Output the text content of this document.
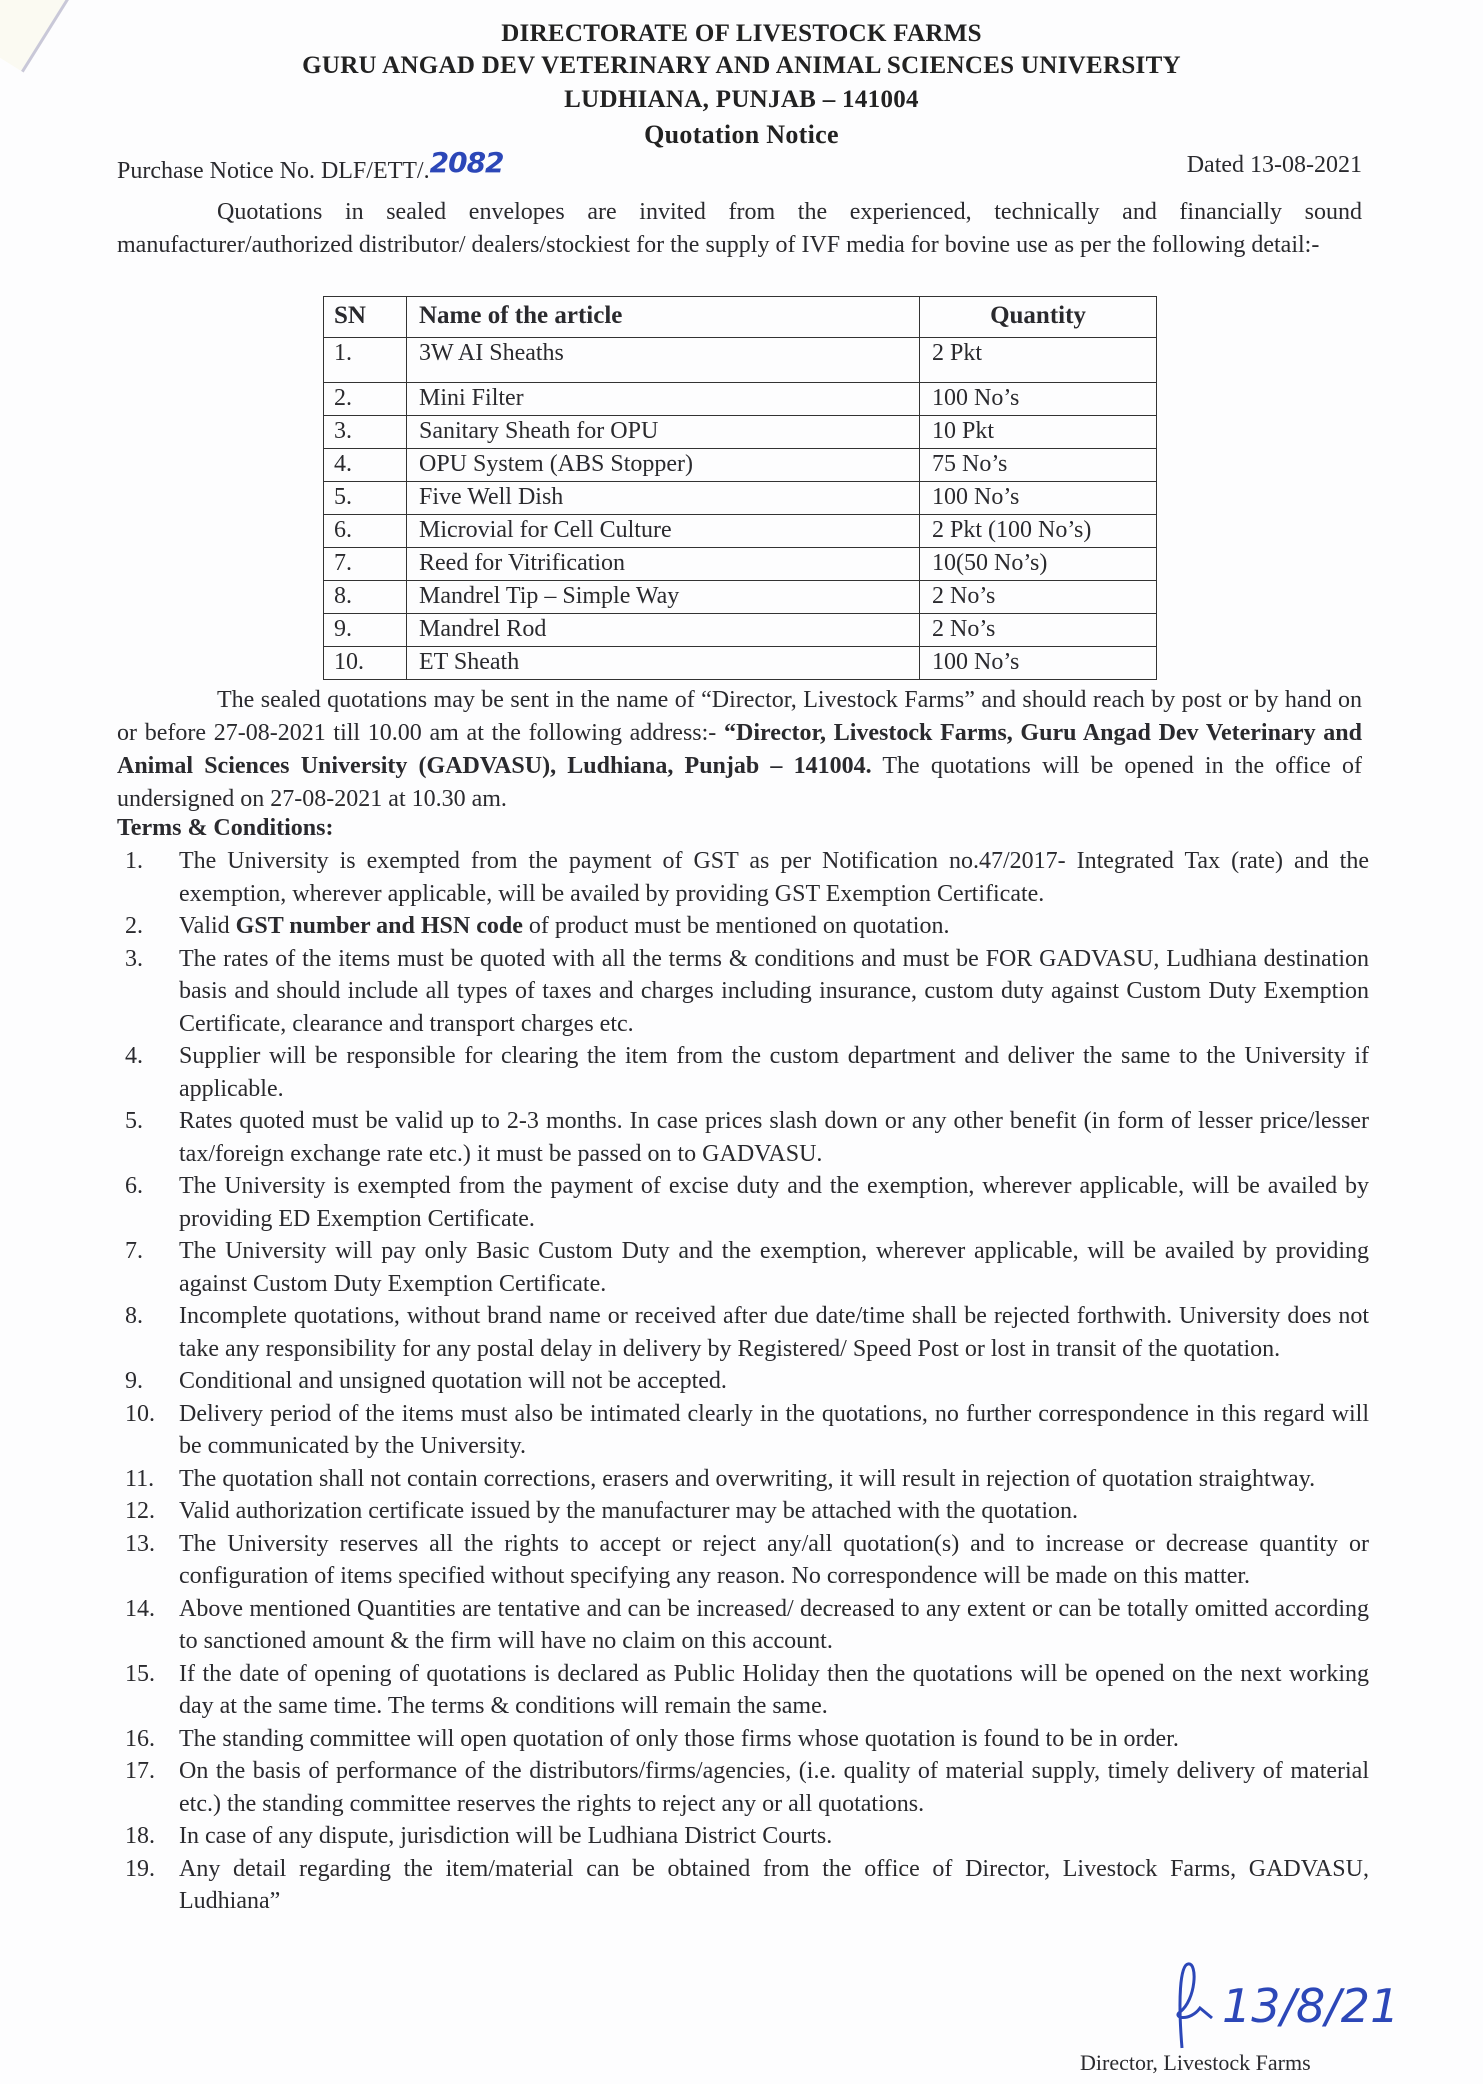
DIRECTORATE OF LIVESTOCK FARMS
GURU ANGAD DEV VETERINARY AND ANIMAL SCIENCES UNIVERSITY
LUDHIANA, PUNJAB – 141004
Quotation Notice
Purchase Notice No. DLF/ETT/.2082	Dated 13-08-2021
Quotations in sealed envelopes are invited from the experienced, technically and financially sound manufacturer/authorized distributor/ dealers/stockiest for the supply of IVF media for bovine use as per the following detail:-
SN	Name of the article	Quantity
1.	3W AI Sheaths	2 Pkt
2.	Mini Filter	100 No’s
3.	Sanitary Sheath for OPU	10 Pkt
4.	OPU System (ABS Stopper)	75 No’s
5.	Five Well Dish	100 No’s
6.	Microvial for Cell Culture	2 Pkt (100 No’s)
7.	Reed for Vitrification	10(50 No’s)
8.	Mandrel Tip – Simple Way	2 No’s
9.	Mandrel Rod	2 No’s
10.	ET Sheath	100 No’s
The sealed quotations may be sent in the name of “Director, Livestock Farms” and should reach by post or by hand on or before 27-08-2021 till 10.00 am at the following address:- “Director, Livestock Farms, Guru Angad Dev Veterinary and Animal Sciences University (GADVASU), Ludhiana, Punjab – 141004. The quotations will be opened in the office of undersigned on 27-08-2021 at 10.30 am.
Terms & Conditions:
1. The University is exempted from the payment of GST as per Notification no.47/2017- Integrated Tax (rate) and the exemption, wherever applicable, will be availed by providing GST Exemption Certificate.
2. Valid GST number and HSN code of product must be mentioned on quotation.
3. The rates of the items must be quoted with all the terms & conditions and must be FOR GADVASU, Ludhiana destination basis and should include all types of taxes and charges including insurance, custom duty against Custom Duty Exemption Certificate, clearance and transport charges etc.
4. Supplier will be responsible for clearing the item from the custom department and deliver the same to the University if applicable.
5. Rates quoted must be valid up to 2-3 months. In case prices slash down or any other benefit (in form of lesser price/lesser tax/foreign exchange rate etc.) it must be passed on to GADVASU.
6. The University is exempted from the payment of excise duty and the exemption, wherever applicable, will be availed by providing ED Exemption Certificate.
7. The University will pay only Basic Custom Duty and the exemption, wherever applicable, will be availed by providing against Custom Duty Exemption Certificate.
8. Incomplete quotations, without brand name or received after due date/time shall be rejected forthwith. University does not take any responsibility for any postal delay in delivery by Registered/ Speed Post or lost in transit of the quotation.
9. Conditional and unsigned quotation will not be accepted.
10. Delivery period of the items must also be intimated clearly in the quotations, no further correspondence in this regard will be communicated by the University.
11. The quotation shall not contain corrections, erasers and overwriting, it will result in rejection of quotation straightway.
12. Valid authorization certificate issued by the manufacturer may be attached with the quotation.
13. The University reserves all the rights to accept or reject any/all quotation(s) and to increase or decrease quantity or configuration of items specified without specifying any reason. No correspondence will be made on this matter.
14. Above mentioned Quantities are tentative and can be increased/ decreased to any extent or can be totally omitted according to sanctioned amount & the firm will have no claim on this account.
15. If the date of opening of quotations is declared as Public Holiday then the quotations will be opened on the next working day at the same time. The terms & conditions will remain the same.
16. The standing committee will open quotation of only those firms whose quotation is found to be in order.
17. On the basis of performance of the distributors/firms/agencies, (i.e. quality of material supply, timely delivery of material etc.) the standing committee reserves the rights to reject any or all quotations.
18. In case of any dispute, jurisdiction will be Ludhiana District Courts.
19. Any detail regarding the item/material can be obtained from the office of Director, Livestock Farms, GADVASU, Ludhiana”
13/8/21
Director, Livestock Farms
